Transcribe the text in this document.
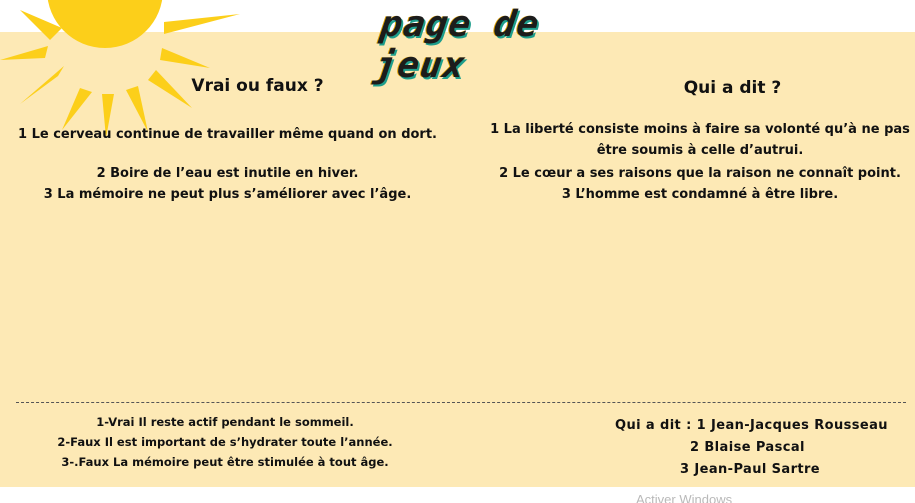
page de jeux
Vrai ou faux ?
1 Le cerveau continue de travailler même quand on dort.
2 Boire de l’eau est inutile en hiver.
3 La mémoire ne peut plus s’améliorer avec l’âge.
Qui a dit ?
1 La liberté consiste moins à faire sa volonté qu’à ne pas
être soumis à celle d’autrui.
2 Le cœur a ses raisons que la raison ne connaît point.
3 L’homme est condamné à être libre.
1-Vrai Il reste actif pendant le sommeil.
2-Faux Il est important de s’hydrater toute l’année.
3-.Faux La mémoire peut être stimulée à tout âge.
Qui a dit : 1 Jean-Jacques Rousseau
2 Blaise Pascal
3 Jean-Paul Sartre
Activer Windows
